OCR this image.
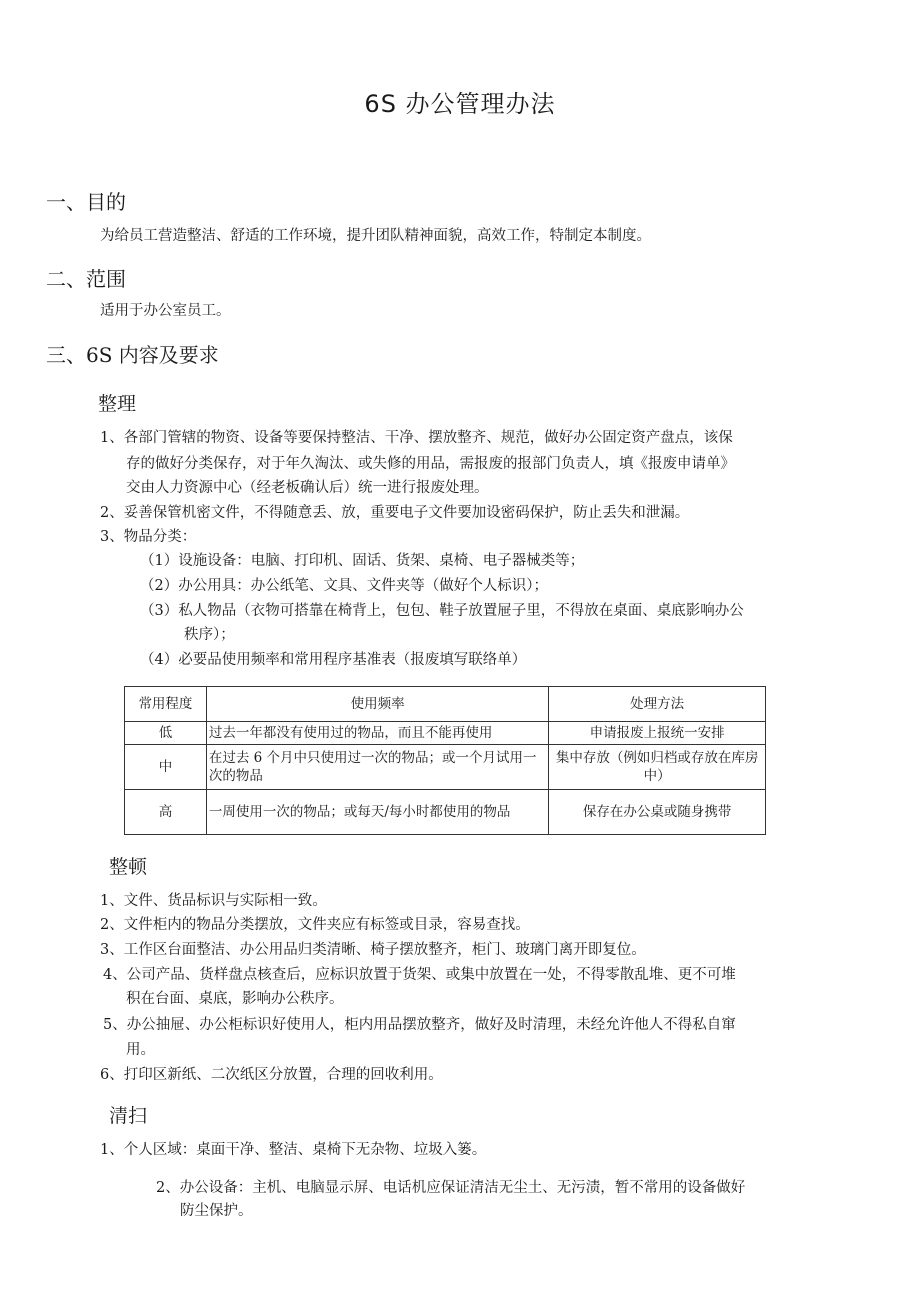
6S 办公管理办法
一、目的
为给员工营造整洁、舒适的工作环境，提升团队精神面貌，高效工作，特制定本制度。
二、范围
适用于办公室员工。
三、6S 内容及要求
整理
1、各部门管辖的物资、设备等要保持整洁、干净、摆放整齐、规范，做好办公固定资产盘点，该保
存的做好分类保存，对于年久淘汰、或失修的用品，需报废的报部门负责人，填《报废申请单》
交由人力资源中心（经老板确认后）统一进行报废处理。
2、妥善保管机密文件，不得随意丢、放，重要电子文件要加设密码保护，防止丢失和泄漏。
3、物品分类：
（1）设施设备：电脑、打印机、固话、货架、桌椅、电子器械类等；
（2）办公用具：办公纸笔、文具、文件夹等（做好个人标识）；
（3）私人物品（衣物可搭靠在椅背上，包包、鞋子放置屉子里，不得放在桌面、桌底影响办公
秩序）；
（4）必要品使用频率和常用程序基准表（报废填写联络单）
常用程度	使用频率	处理方法
低	过去一年都没有使用过的物品，而且不能再使用	申请报废上报统一安排
中	在过去 6 个月中只使用过一次的物品；或一个月试用一次的物品	集中存放（例如归档或存放在库房中）
高	一周使用一次的物品；或每天/每小时都使用的物品	保存在办公桌或随身携带
整顿
1、文件、货品标识与实际相一致。
2、文件柜内的物品分类摆放，文件夹应有标签或目录，容易查找。
3、工作区台面整洁、办公用品归类清晰、椅子摆放整齐，柜门、玻璃门离开即复位。
4、公司产品、货样盘点核查后，应标识放置于货架、或集中放置在一处，不得零散乱堆、更不可堆
积在台面、桌底，影响办公秩序。
5、办公抽屉、办公柜标识好使用人，柜内用品摆放整齐，做好及时清理，未经允许他人不得私自窜
用。
6、打印区新纸、二次纸区分放置，合理的回收利用。
清扫
1、个人区域：桌面干净、整洁、桌椅下无杂物、垃圾入篓。
2、办公设备：主机、电脑显示屏、电话机应保证清洁无尘土、无污渍，暂不常用的设备做好
防尘保护。
